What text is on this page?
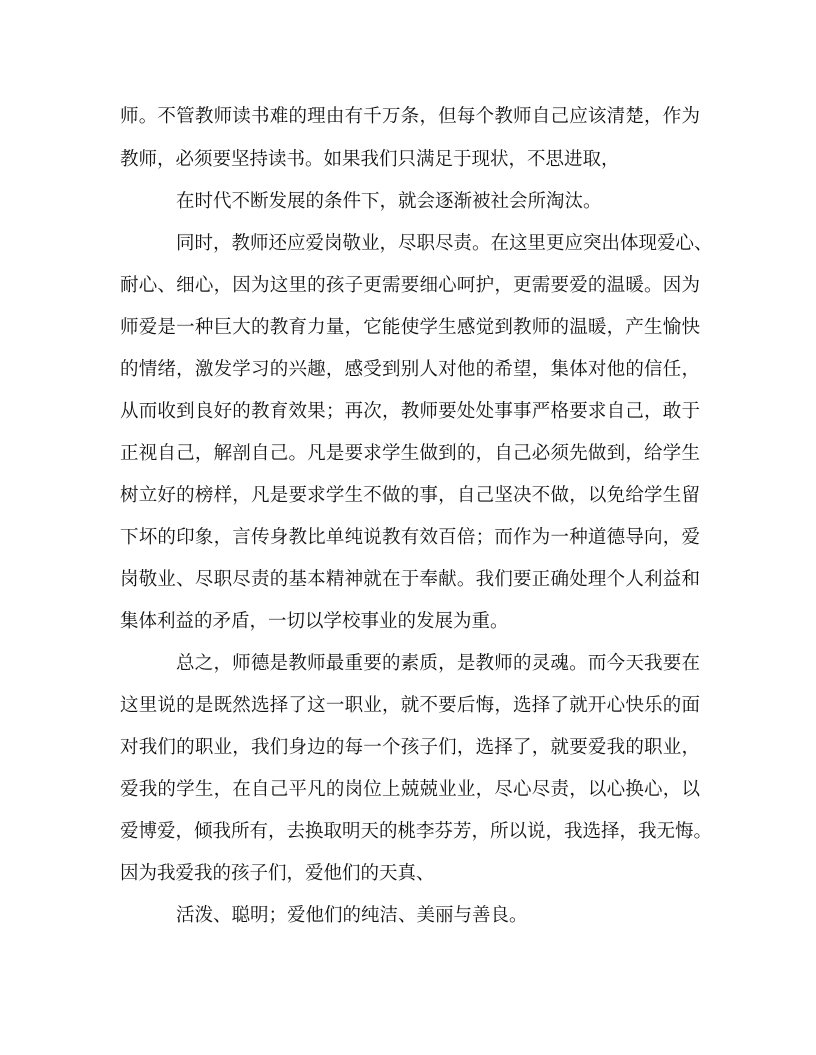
师。不管教师读书难的理由有千万条，但每个教师自己应该清楚，作为
教师，必须要坚持读书。如果我们只满足于现状，不思进取，
在时代不断发展的条件下，就会逐渐被社会所淘汰。
同时，教师还应爱岗敬业，尽职尽责。在这里更应突出体现爱心、
耐心、细心，因为这里的孩子更需要细心呵护，更需要爱的温暖。因为
师爱是一种巨大的教育力量，它能使学生感觉到教师的温暖，产生愉快
的情绪，激发学习的兴趣，感受到别人对他的希望，集体对他的信任，
从而收到良好的教育效果；再次，教师要处处事事严格要求自己，敢于
正视自己，解剖自己。凡是要求学生做到的，自己必须先做到，给学生
树立好的榜样，凡是要求学生不做的事，自己坚决不做，以免给学生留
下坏的印象，言传身教比单纯说教有效百倍；而作为一种道德导向，爱
岗敬业、尽职尽责的基本精神就在于奉献。我们要正确处理个人利益和
集体利益的矛盾，一切以学校事业的发展为重。
总之，师德是教师最重要的素质，是教师的灵魂。而今天我要在
这里说的是既然选择了这一职业，就不要后悔，选择了就开心快乐的面
对我们的职业，我们身边的每一个孩子们，选择了，就要爱我的职业，
爱我的学生，在自己平凡的岗位上兢兢业业，尽心尽责，以心换心，以
爱博爱，倾我所有，去换取明天的桃李芬芳，所以说，我选择，我无悔。
因为我爱我的孩子们，爱他们的天真、
活泼、聪明；爱他们的纯洁、美丽与善良。
